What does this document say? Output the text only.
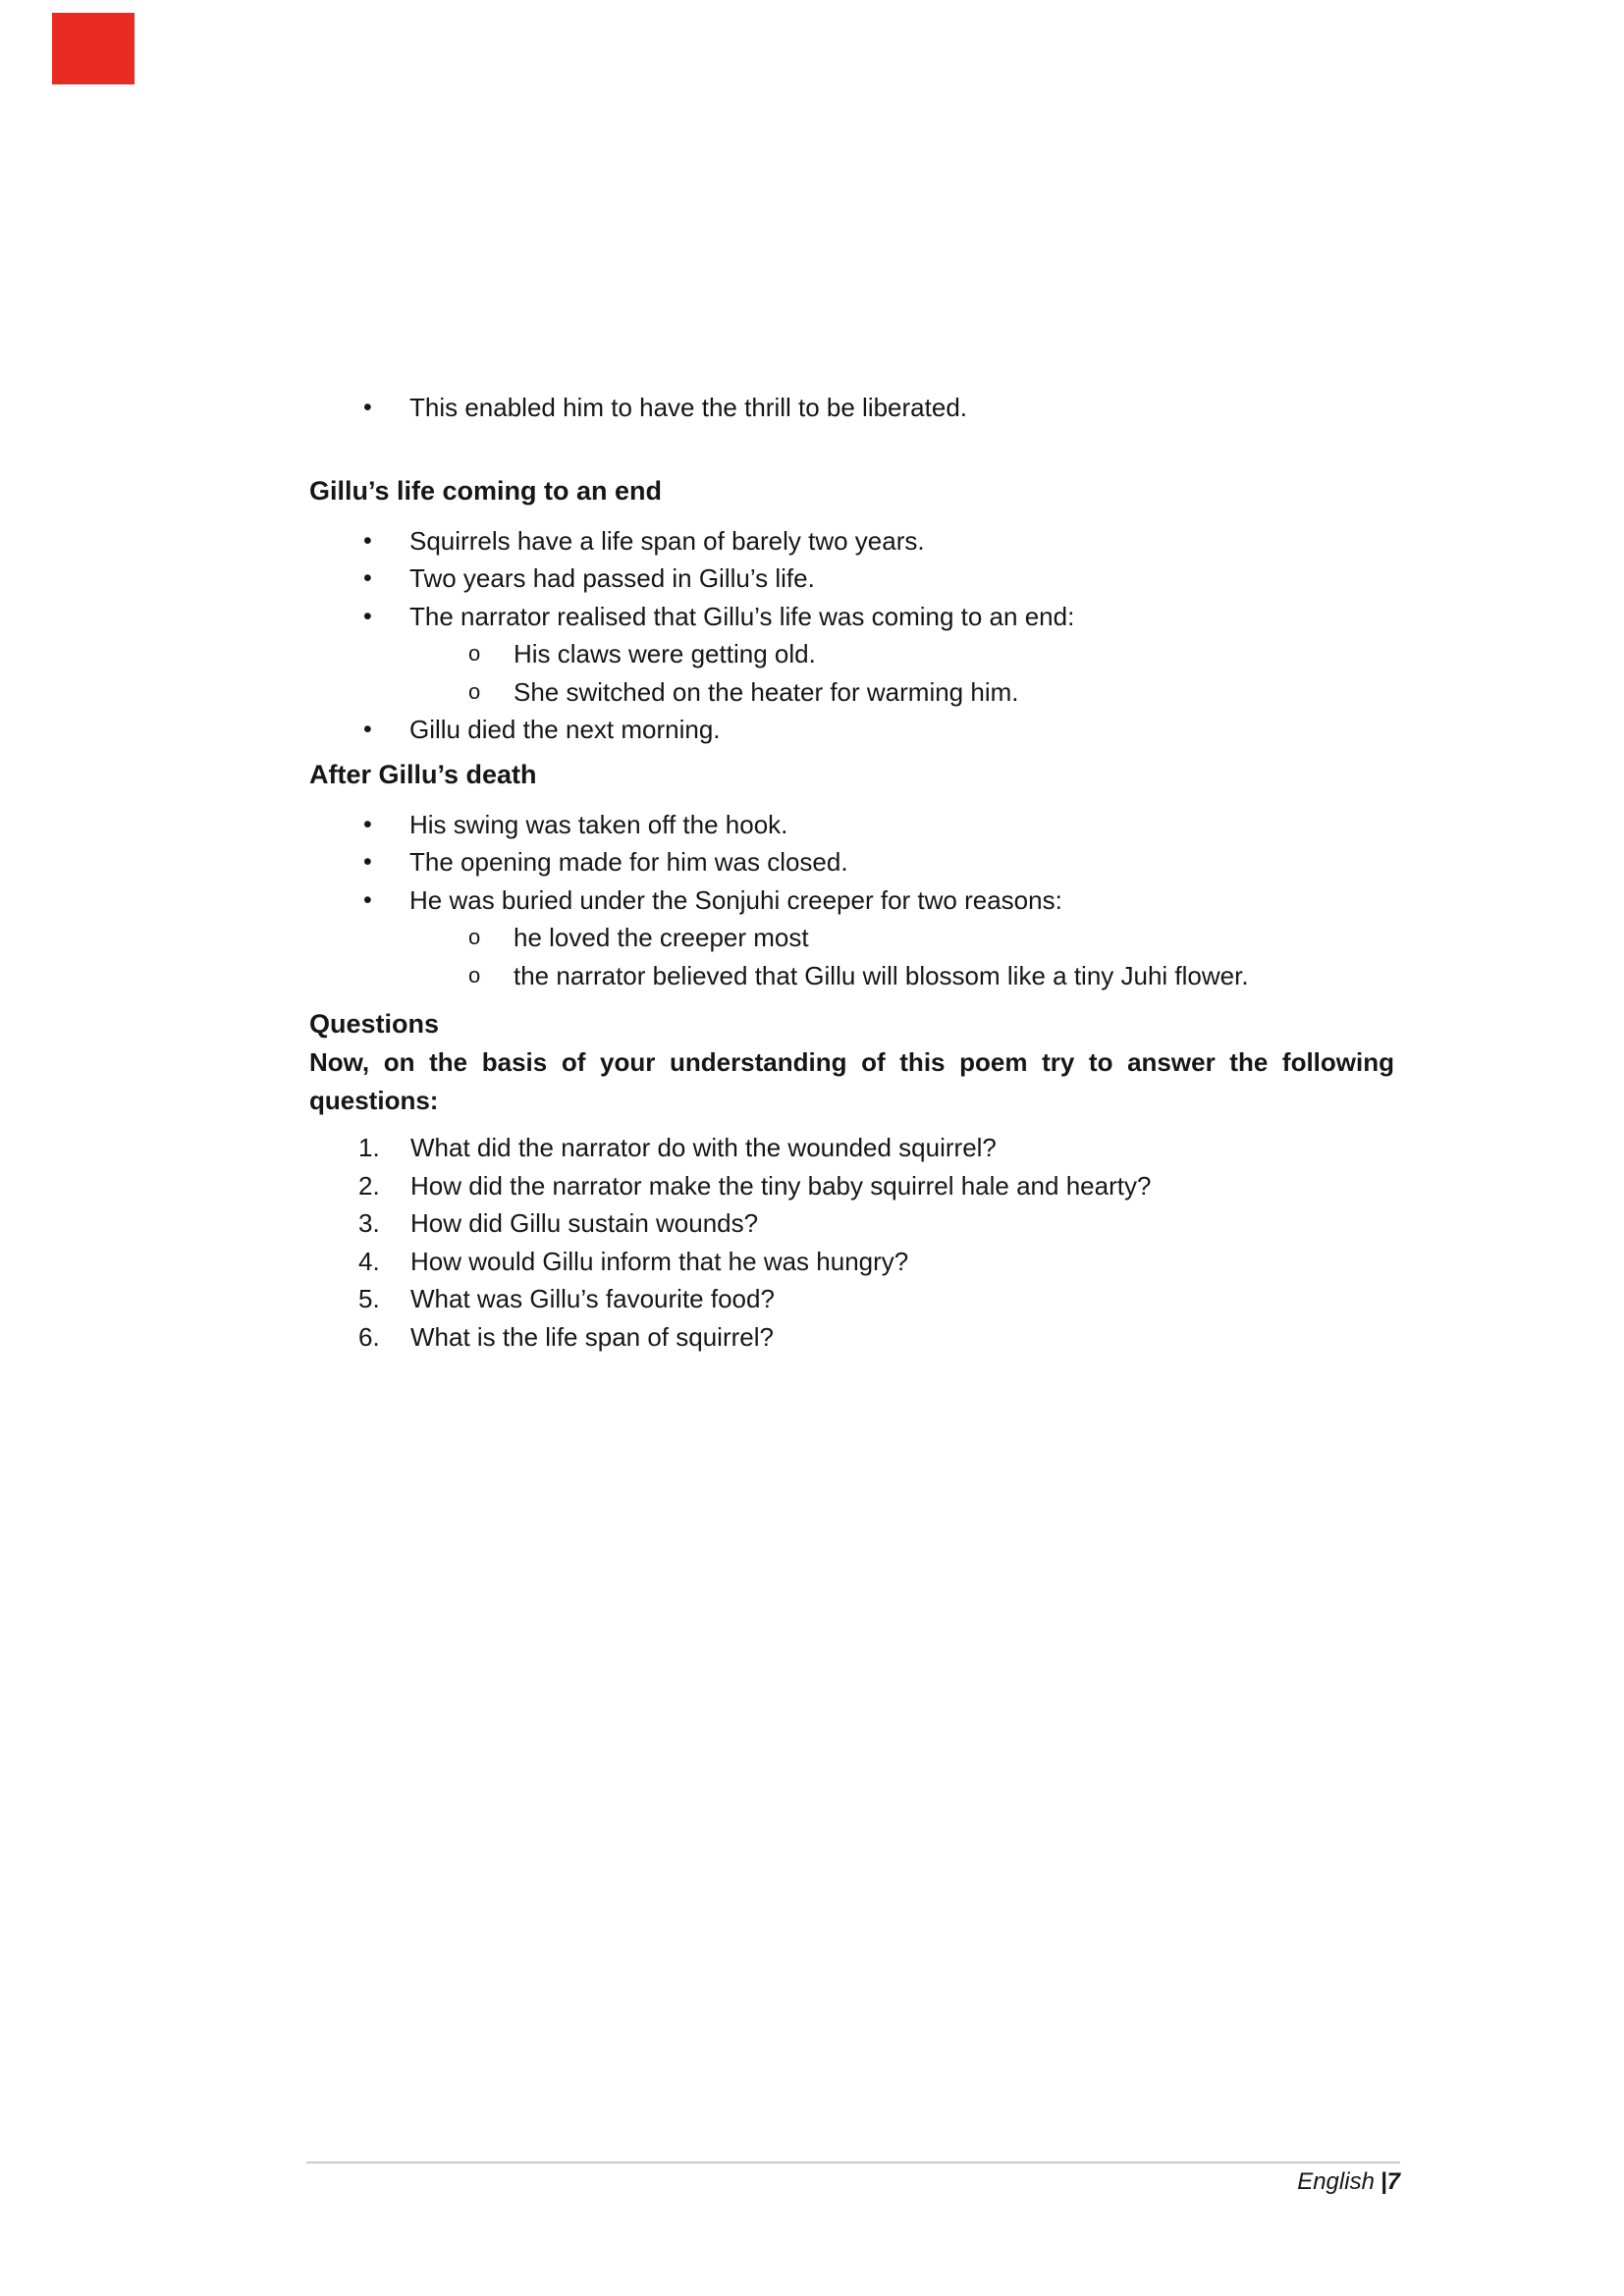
• This enabled him to have the thrill to be liberated.
Gillu’s life coming to an end
• Squirrels have a life span of barely two years.
• Two years had passed in Gillu’s life.
• The narrator realised that Gillu’s life was coming to an end:
o His claws were getting old.
o She switched on the heater for warming him.
• Gillu died the next morning.
After Gillu’s death
• His swing was taken off the hook.
• The opening made for him was closed.
• He was buried under the Sonjuhi creeper for two reasons:
o he loved the creeper most
o the narrator believed that Gillu will blossom like a tiny Juhi flower.
Questions

Now, on the basis of your understanding of this poem try to answer the following questions:

What did the narrator do with the wounded squirrel?
How did the narrator make the tiny baby squirrel hale and hearty?
How did Gillu sustain wounds?
How would Gillu inform that he was hungry?
What was Gillu’s favourite food?
What is the life span of squirrel?
English |7
